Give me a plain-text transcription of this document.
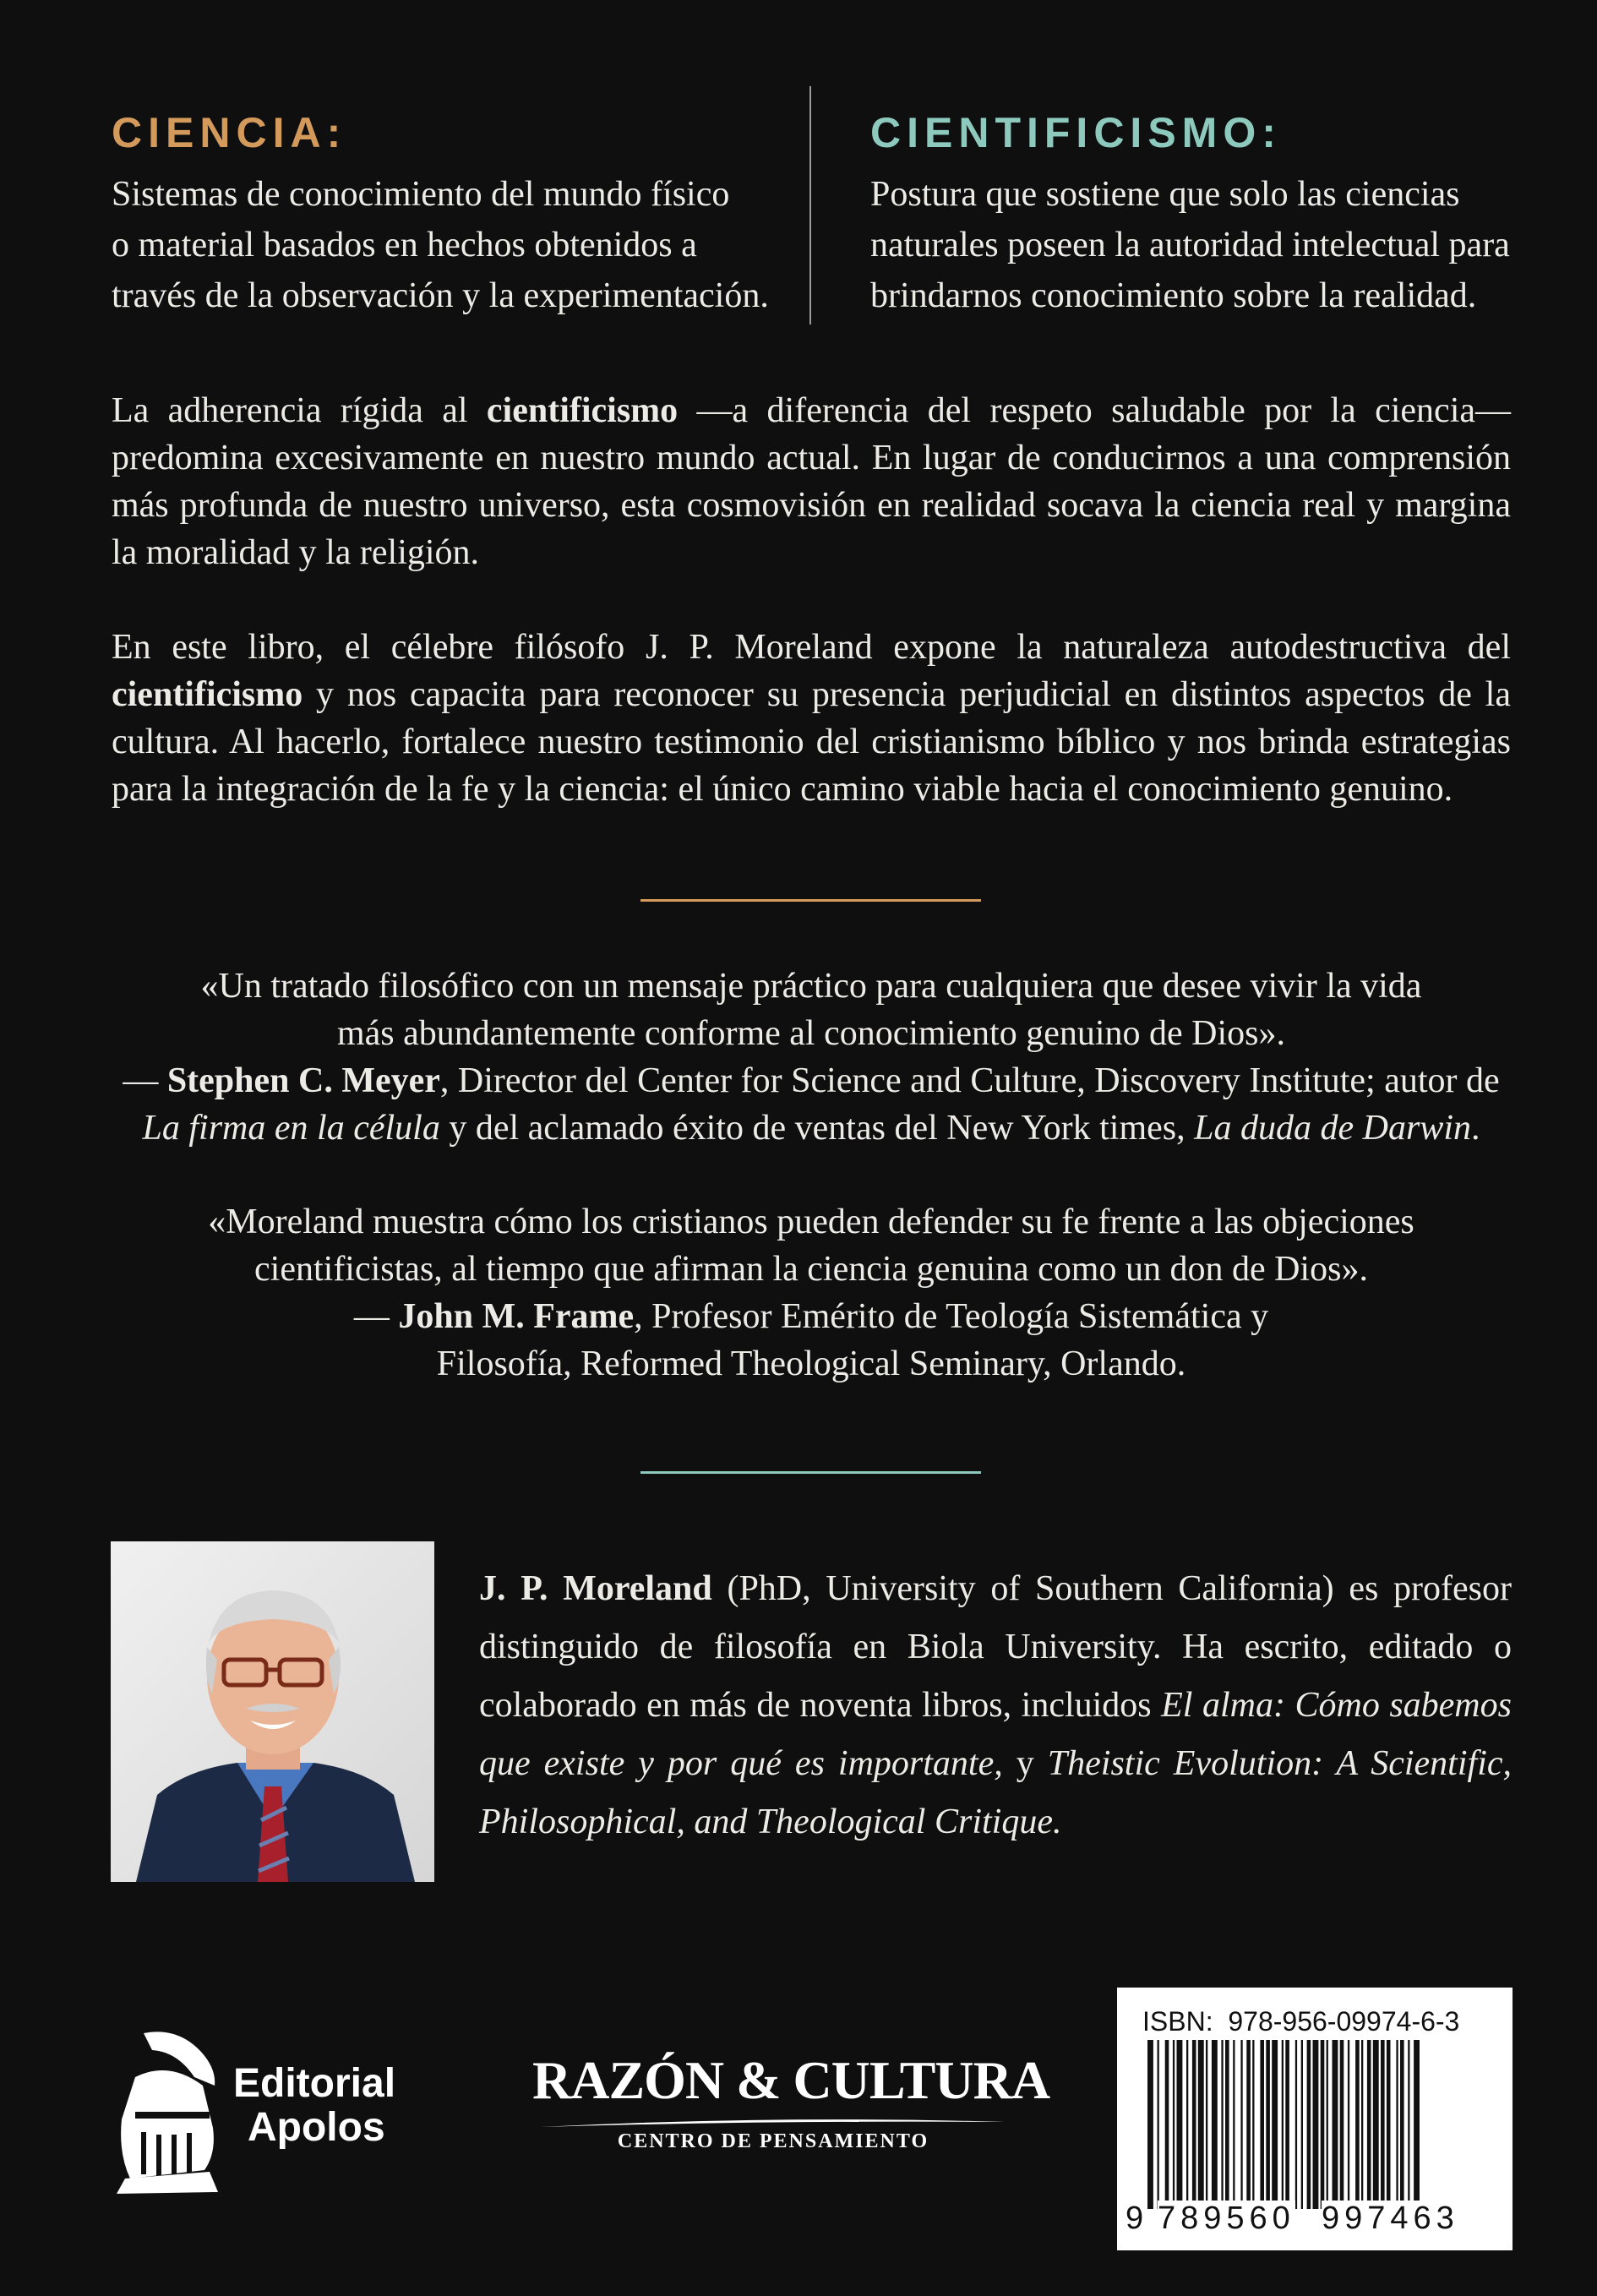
CIENCIA:
Sistemas de conocimiento del mundo físico
o material basados en hechos obtenidos a
través de la observación y la experimentación.
CIENTIFICISMO:
Postura que sostiene que solo las ciencias
naturales poseen la autoridad intelectual para
brindarnos conocimiento sobre la realidad.
La adherencia rígida al cientificismo —a diferencia del respeto saludable por la ciencia— predomina excesivamente en nuestro mundo actual. En lugar de conducirnos a una comprensión más profunda de nuestro universo, esta cosmovisión en realidad socava la ciencia real y margina la moralidad y la religión.
En este libro, el célebre filósofo J. P. Moreland expone la naturaleza autodestructiva del cientificismo y nos capacita para reconocer su presencia perjudicial en distintos aspectos de la cultura. Al hacerlo, fortalece nuestro testimonio del cristianismo bíblico y nos brinda estrategias para la integración de la fe y la ciencia: el único camino viable hacia el conocimiento genuino.
«Un tratado filosófico con un mensaje práctico para cualquiera que desee vivir la vida más abundantemente conforme al conocimiento genuino de Dios».
— Stephen C. Meyer, Director del Center for Science and Culture, Discovery Institute; autor de La firma en la célula y del aclamado éxito de ventas del New York times, La duda de Darwin.
«Moreland muestra cómo los cristianos pueden defender su fe frente a las objeciones cientificistas, al tiempo que afirman la ciencia genuina como un don de Dios».
— John M. Frame, Profesor Emérito de Teología Sistemática y Filosofía, Reformed Theological Seminary, Orlando.
J. P. Moreland (PhD, University of Southern California) es profesor distinguido de filosofía en Biola University. Ha escrito, editado o colaborado en más de noventa libros, incluidos El alma: Cómo sabemos que existe y por qué es importante, y Theistic Evolution: A Scientific, Philosophical, and Theological Critique.
Editorial
Apolos
RAZÓN & CULTURA
CENTRO DE PENSAMIENTO
ISBN: 978-956-09974-6-3
9 789560 997463
